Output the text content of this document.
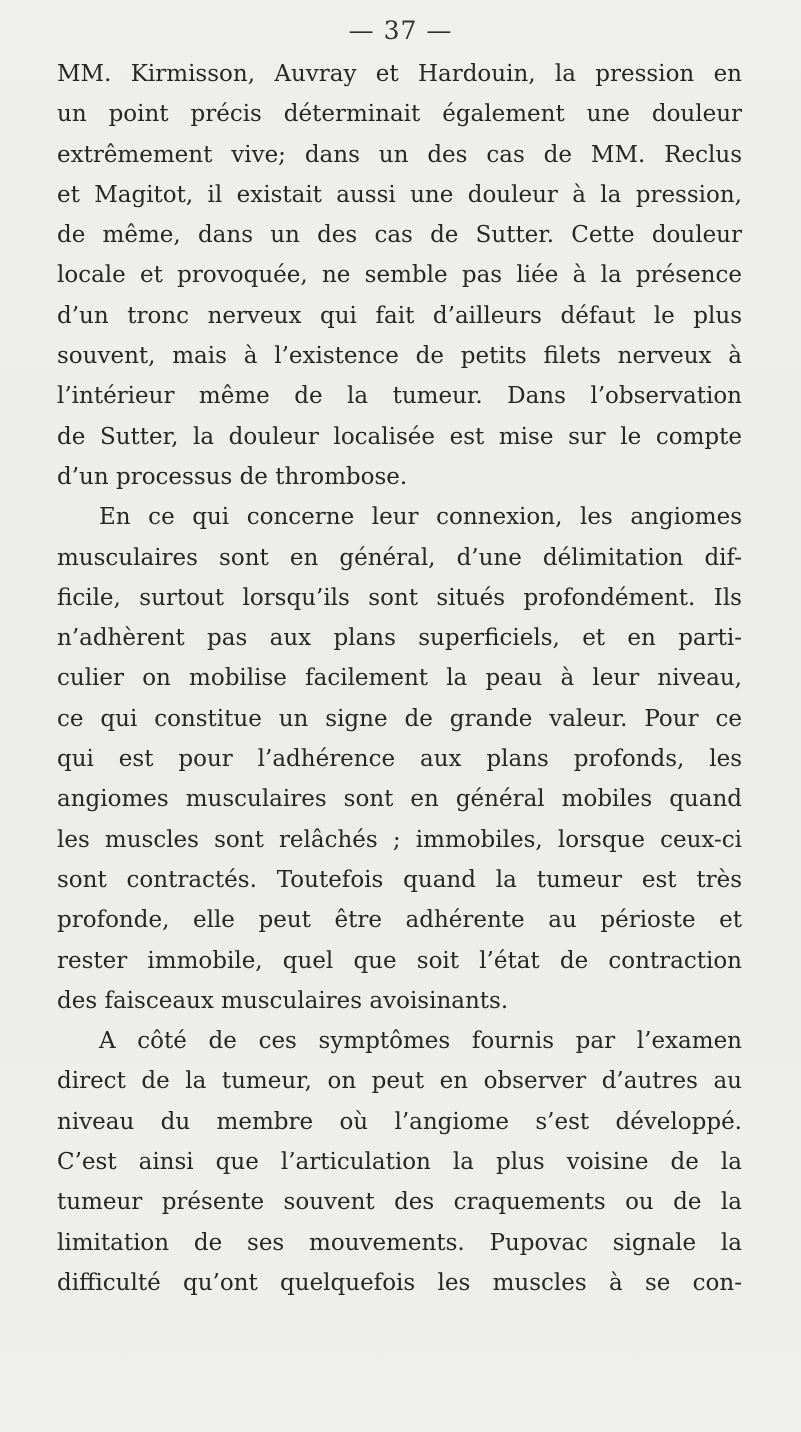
— 37 —
MM. Kirmisson, Auvray et Hardouin, la pression en
un point précis déterminait également une douleur
extrêmement vive; dans un des cas de MM. Reclus
et Magitot, il existait aussi une douleur à la pression,
de même, dans un des cas de Sutter. Cette douleur
locale et provoquée, ne semble pas liée à la présence
d’un tronc nerveux qui fait d’ailleurs défaut le plus
souvent, mais à l’existence de petits filets nerveux à
l’intérieur même de la tumeur. Dans l’observation
de Sutter, la douleur localisée est mise sur le compte
d’un processus de thrombose.
En ce qui concerne leur connexion, les angiomes
musculaires sont en général, d’une délimitation dif-
ficile, surtout lorsqu’ils sont situés profondément. Ils
n’adhèrent pas aux plans superficiels, et en parti-
culier on mobilise facilement la peau à leur niveau,
ce qui constitue un signe de grande valeur. Pour ce
qui est pour l’adhérence aux plans profonds, les
angiomes musculaires sont en général mobiles quand
les muscles sont relâchés ; immobiles, lorsque ceux-ci
sont contractés. Toutefois quand la tumeur est très
profonde, elle peut être adhérente au périoste et
rester immobile, quel que soit l’état de contraction
des faisceaux musculaires avoisinants.
A côté de ces symptômes fournis par l’examen
direct de la tumeur, on peut en observer d’autres au
niveau du membre où l’angiome s’est développé.
C’est ainsi que l’articulation la plus voisine de la
tumeur présente souvent des craquements ou de la
limitation de ses mouvements. Pupovac signale la
difficulté qu’ont quelquefois les muscles à se con-
